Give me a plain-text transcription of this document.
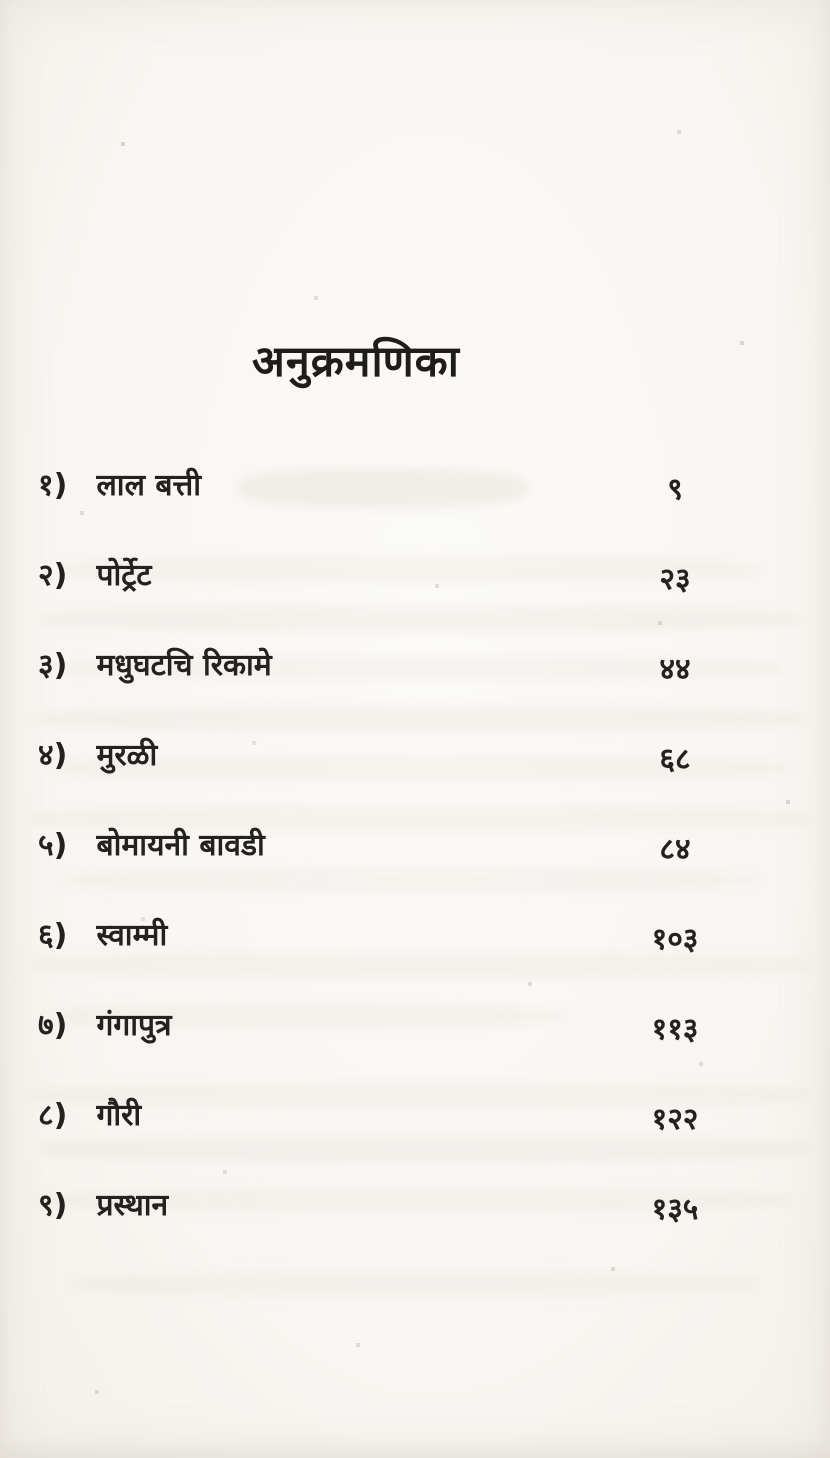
अनुक्रमणिका
१) लाल बत्ती	९
२) पोर्ट्रेट	२३
३) मधुघटचि रिकामे	४४
४) मुरळी	६८
५) बोमायनी बावडी	८४
६) स्वाम्मी	१०३
७) गंगापुत्र	११३
८) गौरी	१२२
९) प्रस्थान	१३५
